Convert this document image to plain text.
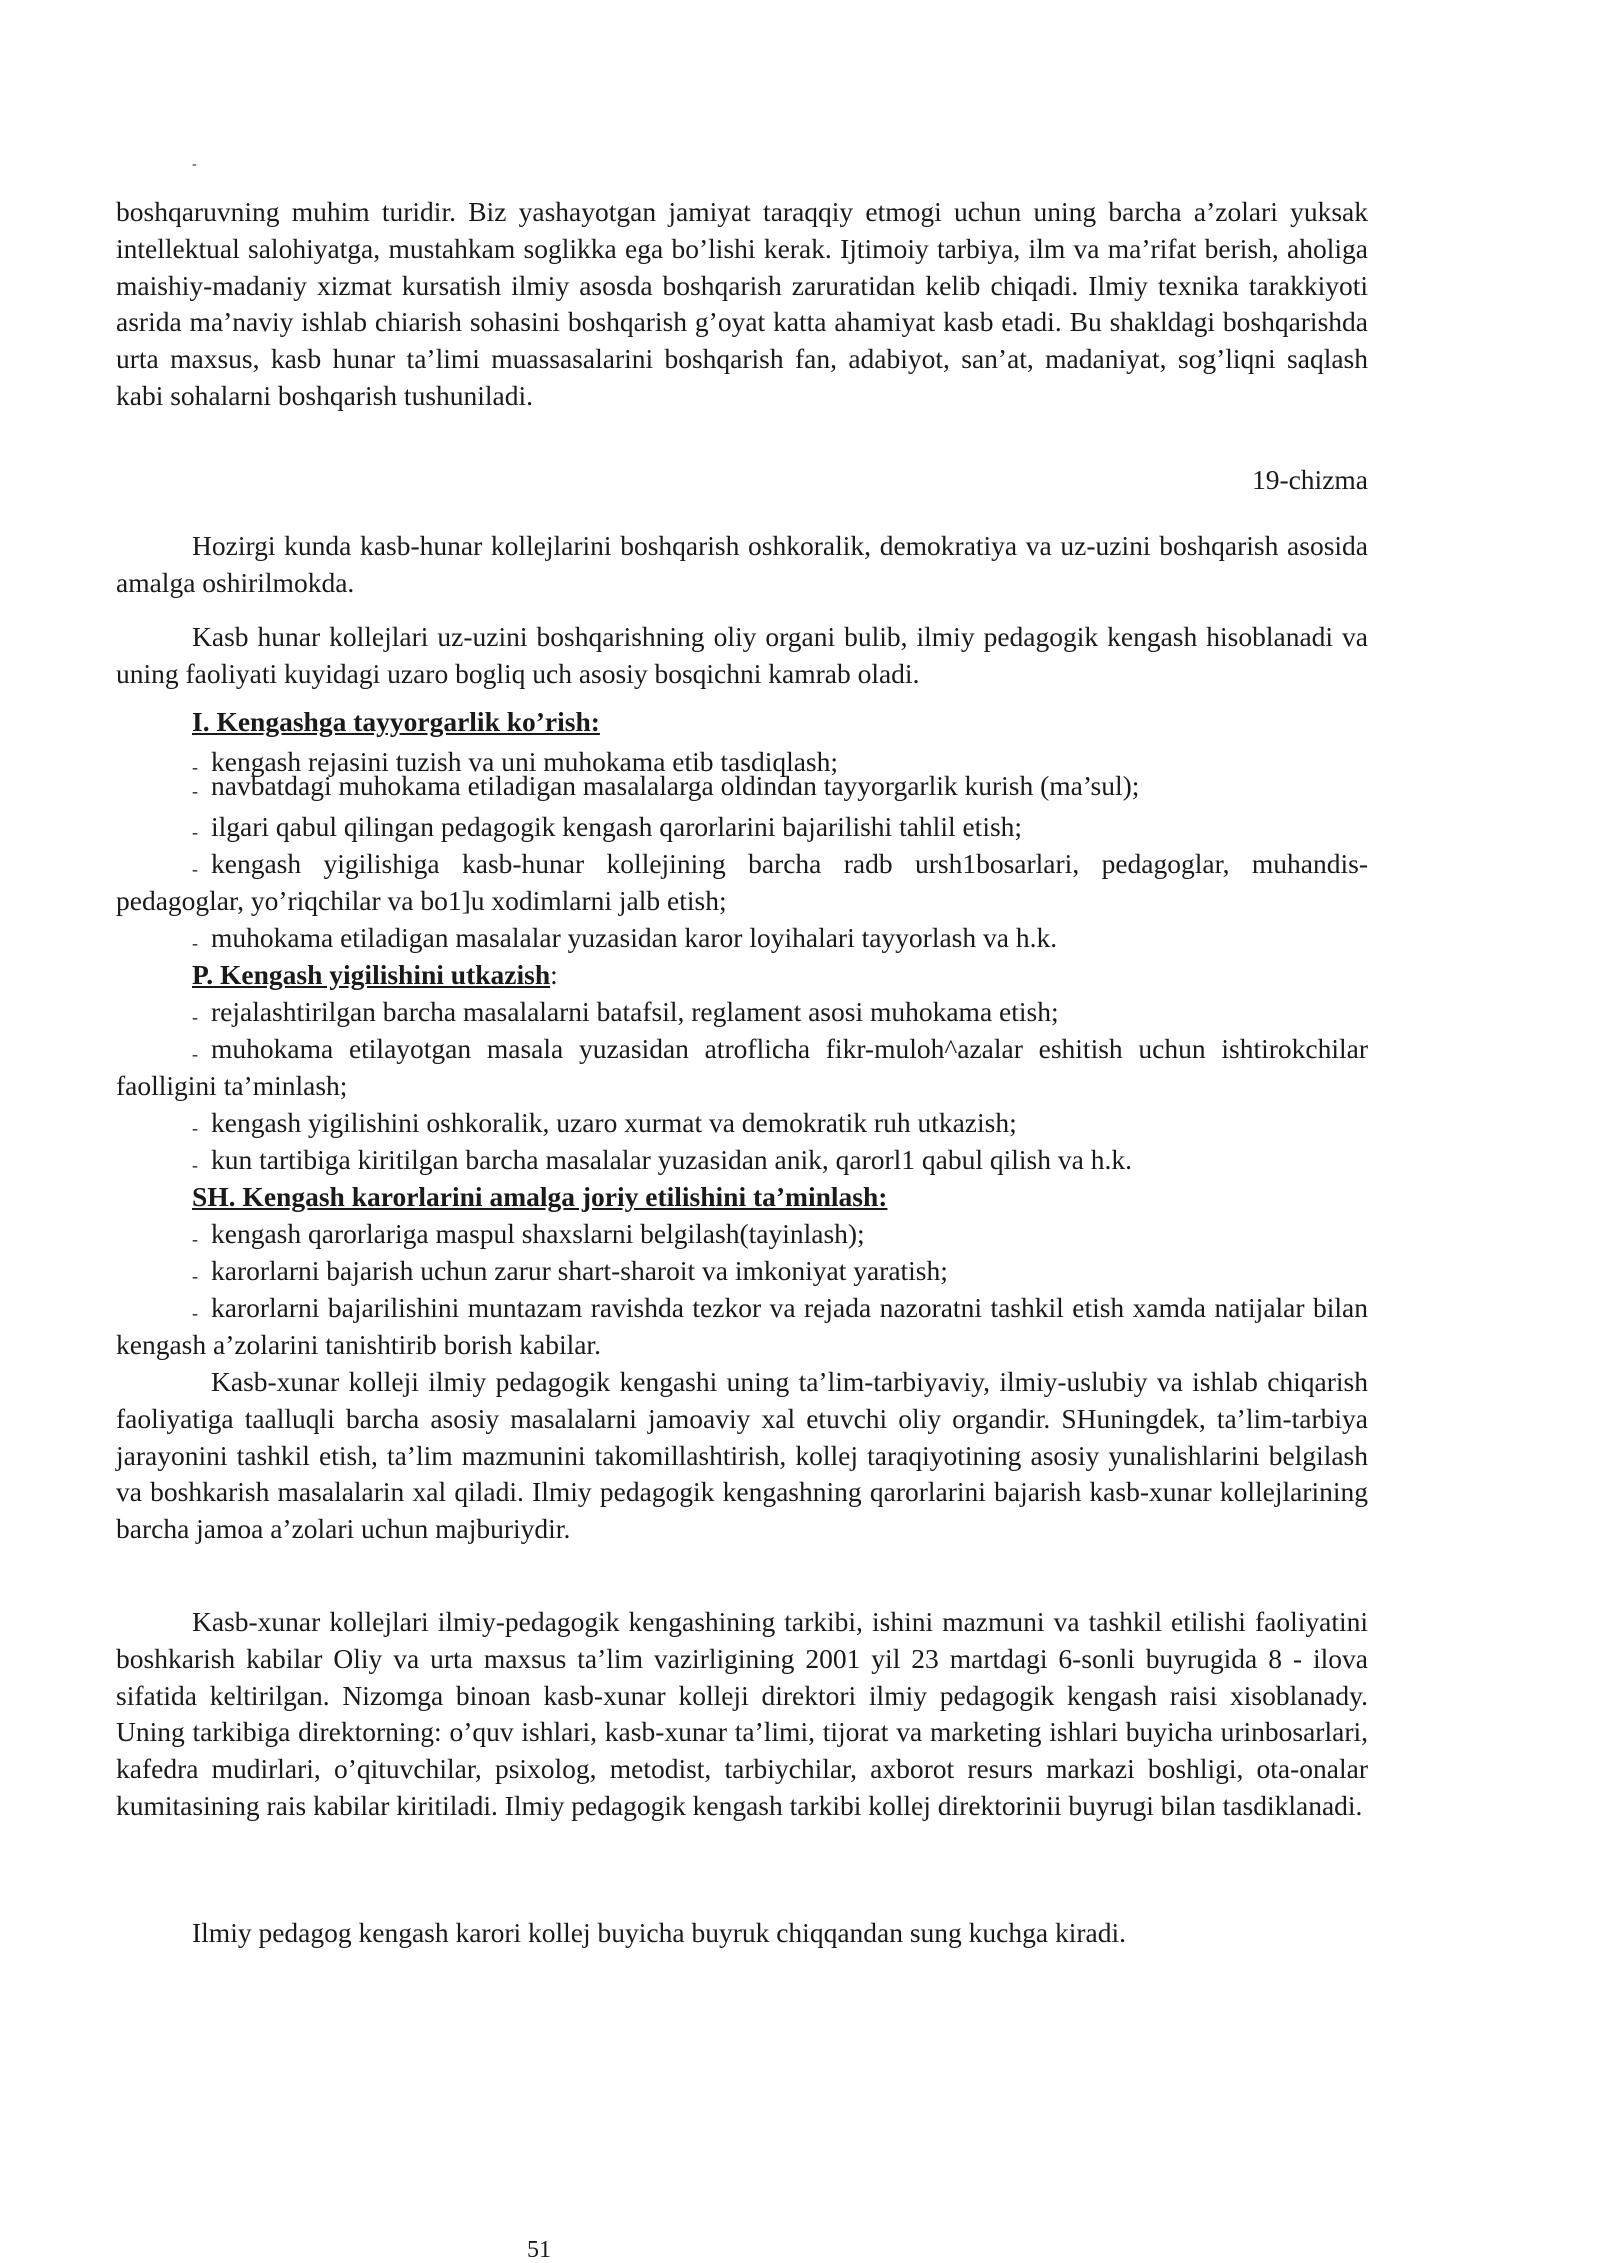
-

boshqaruvning muhim turidir. Biz yashayotgan jamiyat taraqqiy etmogi uchun uning barcha a’zolari yuksak intellektual salohiyatga, mustahkam soglikka ega bo’lishi kerak. Ijtimoiy tarbiya, ilm va ma’rifat berish, aholiga maishiy-madaniy xizmat kursatish ilmiy asosda boshqarish zaruratidan kelib chiqadi. Ilmiy texnika tarakkiyoti asrida ma’naviy ishlab chiarish sohasini boshqarish g’oyat katta ahamiyat kasb etadi. Bu shakldagi boshqarishda urta maxsus, kasb hunar ta’limi muassasalarini boshqarish fan, adabiyot, san’at, madaniyat, sog’liqni saqlash kabi sohalarni boshqarish tushuniladi.

19-chizma

Hozirgi kunda kasb-hunar kollejlarini boshqarish oshkoralik, demokratiya va uz-uzini boshqarish asosida amalga oshirilmokda.

Kasb hunar kollejlari uz-uzini boshqarishning oliy organi bulib, ilmiy pedagogik kengash hisoblanadi va uning faoliyati kuyidagi uzaro bogliq uch asosiy bosqichni kamrab oladi.

I. Kengashga tayyorgarlik ko’rish:

- kengash rejasini tuzish va uni muhokama etib tasdiqlash;

- navbatdagi muhokama etiladigan masalalarga oldindan tayyorgarlik kurish (ma’sul);

- ilgari qabul qilingan pedagogik kengash qarorlarini bajarilishi tahlil etish;

- kengash yigilishiga kasb-hunar kollejining barcha radb ursh1bosarlari, pedagoglar, muhandis-pedagoglar, yo’riqchilar va bo1]u xodimlarni jalb etish;

- muhokama etiladigan masalalar yuzasidan karor loyihalari tayyorlash va h.k.

P. Kengash yigilishini utkazish:

- rejalashtirilgan barcha masalalarni batafsil, reglament asosi muhokama etish;

- muhokama etilayotgan masala yuzasidan atroflicha fikr-muloh^azalar eshitish uchun ishtirokchilar faolligini ta’minlash;

- kengash yigilishini oshkoralik, uzaro xurmat va demokratik ruh utkazish;

- kun tartibiga kiritilgan barcha masalalar yuzasidan anik, qarorl1 qabul qilish va h.k.

SH. Kengash karorlarini amalga joriy etilishini ta’minlash:

- kengash qarorlariga maspul shaxslarni belgilash(tayinlash);

- karorlarni bajarish uchun zarur shart-sharoit va imkoniyat yaratish;

- karorlarni bajarilishini muntazam ravishda tezkor va rejada nazoratni tashkil etish xamda natijalar bilan kengash a’zolarini tanishtirib borish kabilar.

Kasb-xunar kolleji ilmiy pedagogik kengashi uning ta’lim-tarbiyaviy, ilmiy-uslubiy va ishlab chiqarish faoliyatiga taalluqli barcha asosiy masalalarni jamoaviy xal etuvchi oliy organdir. SHuningdek, ta’lim-tarbiya jarayonini tashkil etish, ta’lim mazmunini takomillashtirish, kollej taraqiyotining asosiy yunalishlarini belgilash va boshkarish masalalarin xal qiladi. Ilmiy pedagogik kengashning qarorlarini bajarish kasb-xunar kollejlarining barcha jamoa a’zolari uchun majburiydir.

Kasb-xunar kollejlari ilmiy-pedagogik kengashining tarkibi, ishini mazmuni va tashkil etilishi faoliyatini boshkarish kabilar Oliy va urta maxsus ta’lim vazirligining 2001 yil 23 martdagi 6-sonli buyrugida 8 - ilova sifatida keltirilgan. Nizomga binoan kasb-xunar kolleji direktori ilmiy pedagogik kengash raisi xisoblanady. Uning tarkibiga direktorning: o’quv ishlari, kasb-xunar ta’limi, tijorat va marketing ishlari buyicha urinbosarlari, kafedra mudirlari, o’qituvchilar, psixolog, metodist, tarbiychilar, axborot resurs markazi boshligi, ota-onalar kumitasining rais kabilar kiritiladi. Ilmiy pedagogik kengash tarkibi kollej direktorinii buyrugi bilan tasdiklanadi.

Ilmiy pedagog kengash karori kollej buyicha buyruk chiqqandan sung kuchga kiradi.

51
